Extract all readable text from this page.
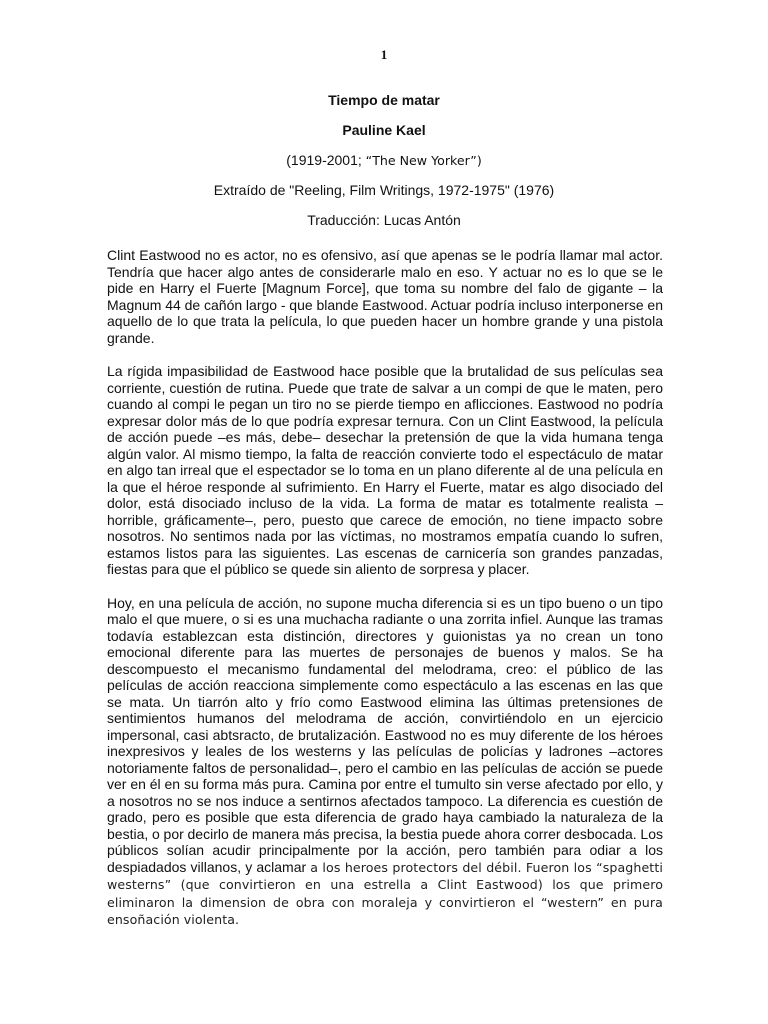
1
Tiempo de matar
Pauline Kael
(1919-2001; “The New Yorker”)
Extraído de "Reeling, Film Writings, 1972-1975" (1976)
Traducción: Lucas Antón

Clint Eastwood no es actor, no es ofensivo, así que apenas se le podría llamar mal actor. Tendría que hacer algo antes de considerarle malo en eso. Y actuar no es lo que se le pide en Harry el Fuerte [Magnum Force], que toma su nombre del falo de gigante – la Magnum 44 de cañón largo - que blande Eastwood. Actuar podría incluso interponerse en aquello de lo que trata la película, lo que pueden hacer un hombre grande y una pistola grande.

La rígida impasibilidad de Eastwood hace posible que la brutalidad de sus películas sea corriente, cuestión de rutina. Puede que trate de salvar a un compi de que le maten, pero cuando al compi le pegan un tiro no se pierde tiempo en aflicciones. Eastwood no podría expresar dolor más de lo que podría expresar ternura. Con un Clint Eastwood, la película de acción puede –es más, debe– desechar la pretensión de que la vida humana tenga algún valor. Al mismo tiempo, la falta de reacción convierte todo el espectáculo de matar en algo tan irreal que el espectador se lo toma en un plano diferente al de una película en la que el héroe responde al sufrimiento. En Harry el Fuerte, matar es algo disociado del dolor, está disociado incluso de la vida. La forma de matar es totalmente realista –horrible, gráficamente–, pero, puesto que carece de emoción, no tiene impacto sobre nosotros. No sentimos nada por las víctimas, no mostramos empatía cuando lo sufren, estamos listos para las siguientes. Las escenas de carnicería son grandes panzadas, fiestas para que el público se quede sin aliento de sorpresa y placer.

Hoy, en una película de acción, no supone mucha diferencia si es un tipo bueno o un tipo malo el que muere, o si es una muchacha radiante o una zorrita infiel. Aunque las tramas todavía establezcan esta distinción, directores y guionistas ya no crean un tono emocional diferente para las muertes de personajes de buenos y malos. Se ha descompuesto el mecanismo fundamental del melodrama, creo: el público de las películas de acción reacciona simplemente como espectáculo a las escenas en las que se mata. Un tiarrón alto y frío como Eastwood elimina las últimas pretensiones de sentimientos humanos del melodrama de acción, convirtiéndolo en un ejercicio impersonal, casi abtsracto, de brutalización. Eastwood no es muy diferente de los héroes inexpresivos y leales de los westerns y las películas de policías y ladrones –actores notoriamente faltos de personalidad–, pero el cambio en las películas de acción se puede ver en él en su forma más pura. Camina por entre el tumulto sin verse afectado por ello, y a nosotros no se nos induce a sentirnos afectados tampoco. La diferencia es cuestión de grado, pero es posible que esta diferencia de grado haya cambiado la naturaleza de la bestia, o por decirlo de manera más precisa, la bestia puede ahora correr desbocada. Los públicos solían acudir principalmente por la acción, pero también para odiar a los despiadados villanos, y aclamar a los heroes protectors del débil. Fueron los “spaghetti westerns” (que convirtieron en una estrella a Clint Eastwood) los que primero eliminaron la dimension de obra con moraleja y convirtieron el “western” en pura ensoñación violenta.
